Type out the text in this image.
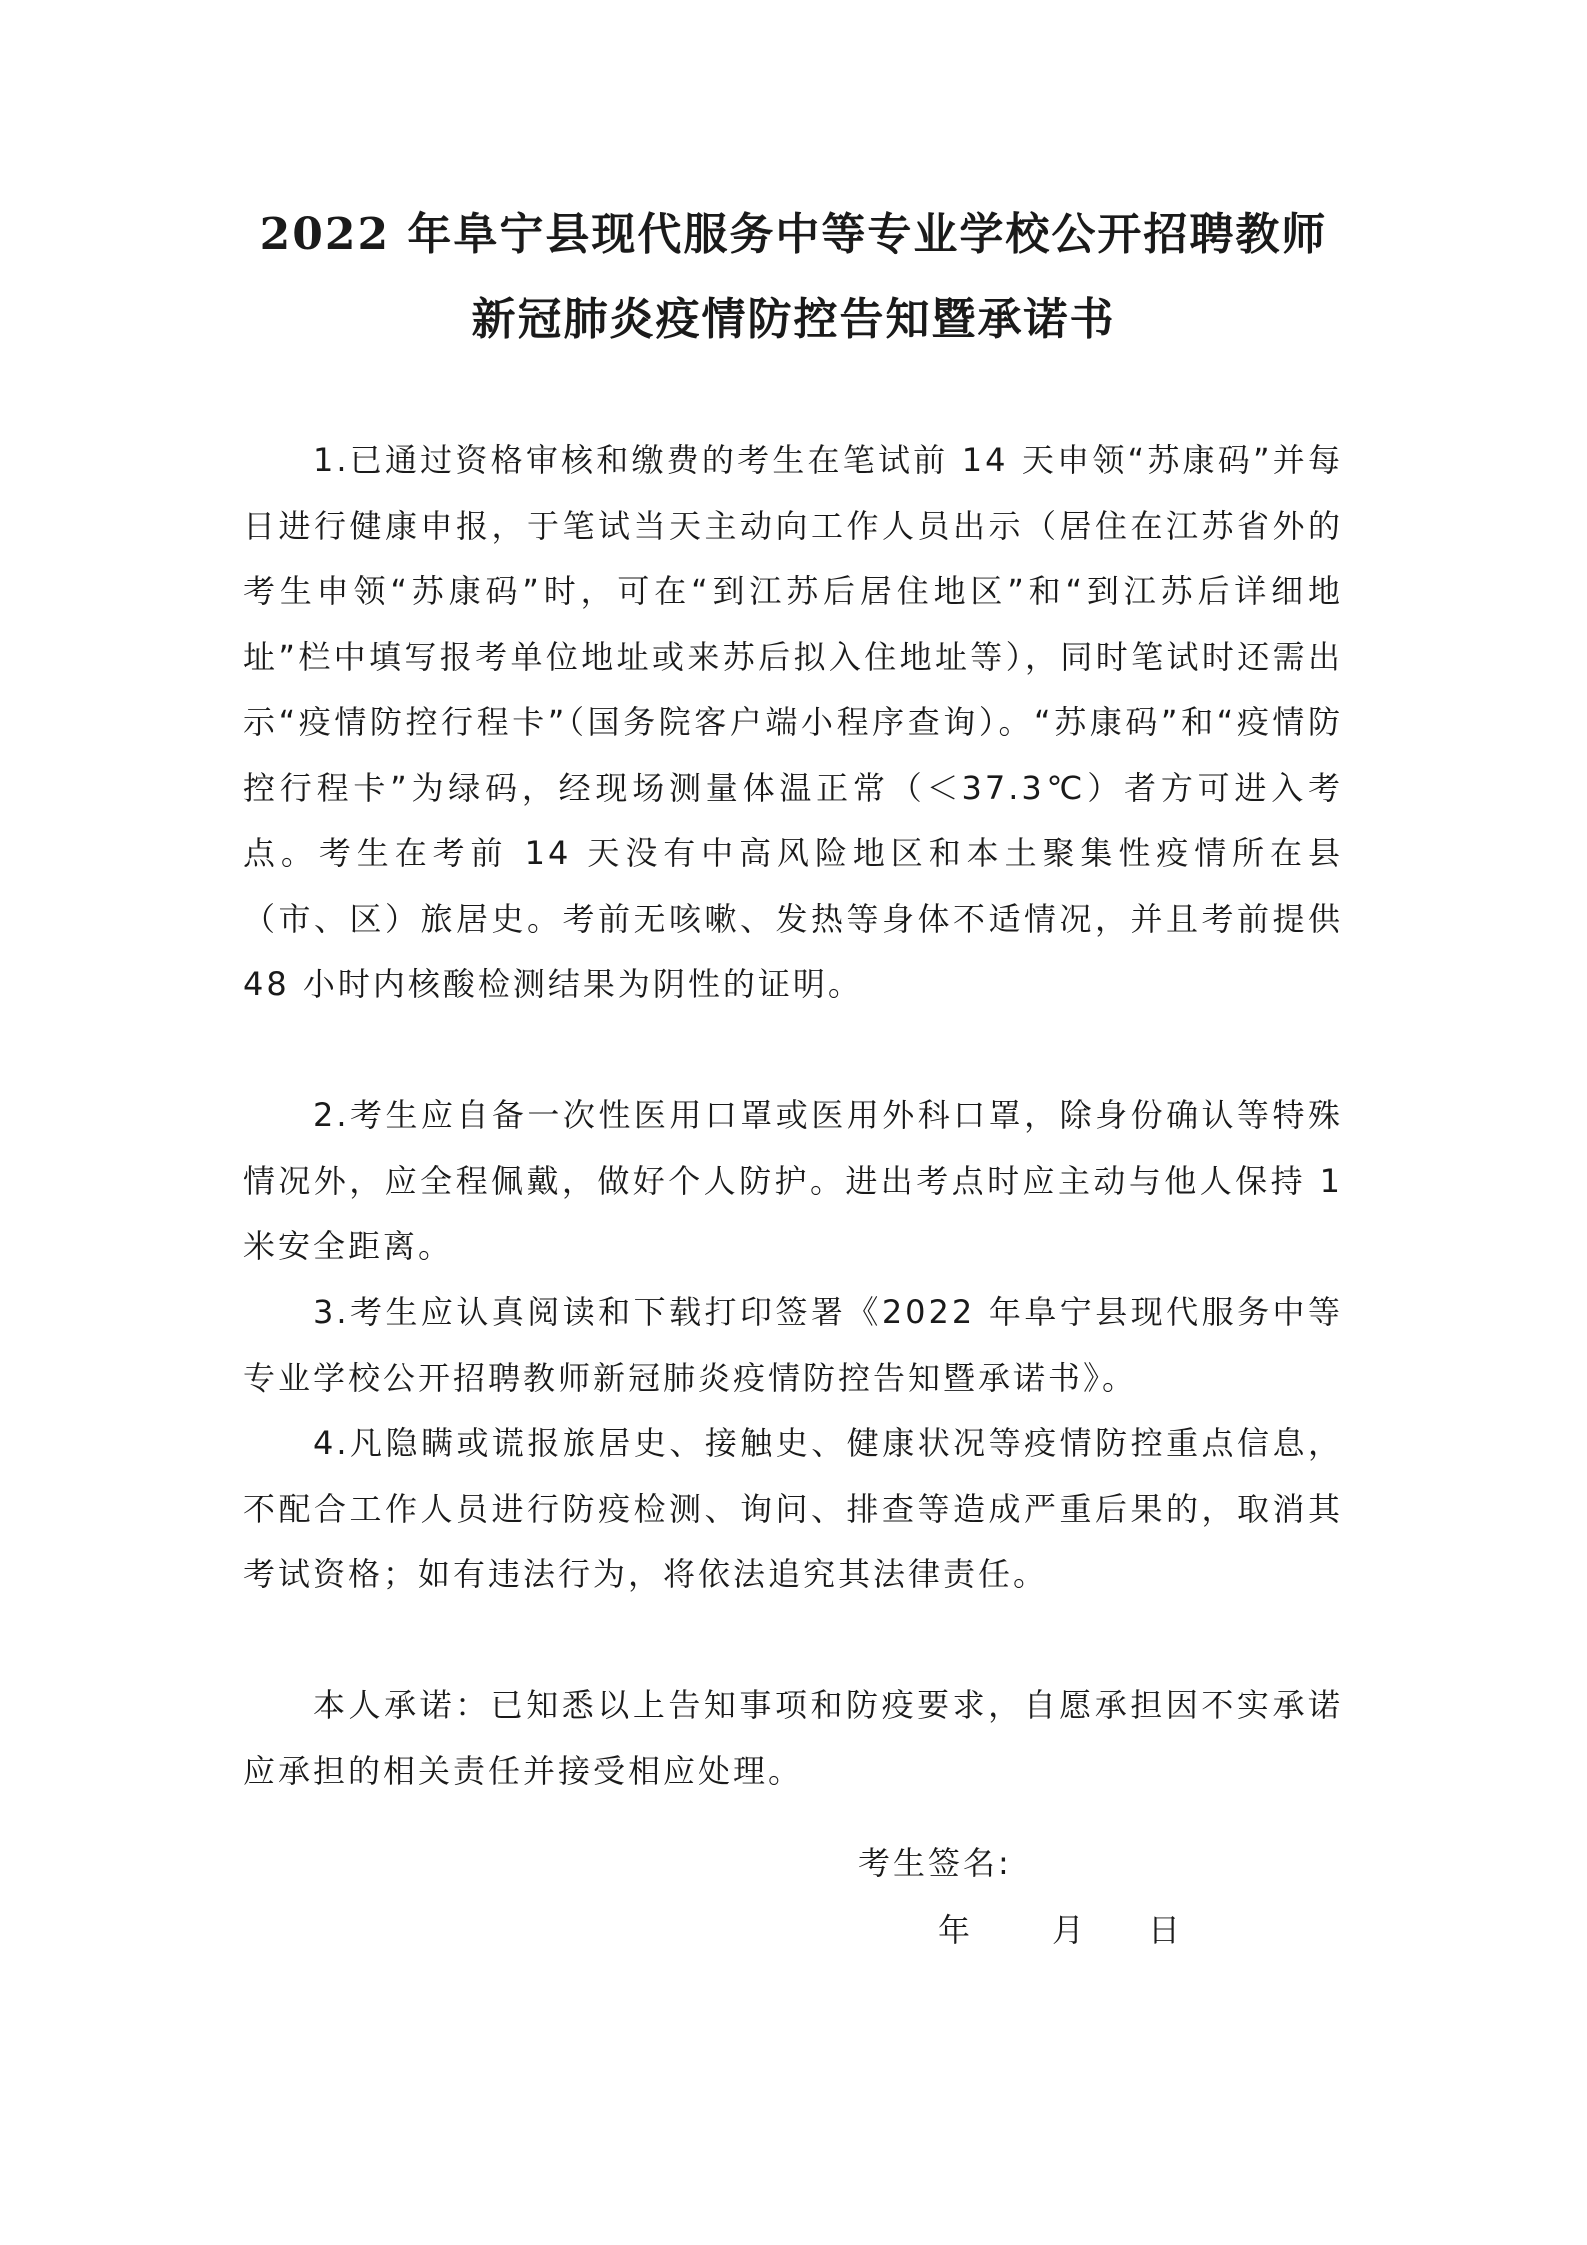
2022 年阜宁县现代服务中等专业学校公开招聘教师
新冠肺炎疫情防控告知暨承诺书

1.已通过资格审核和缴费的考生在笔试前 14 天申领“苏康码”并每日进行健康申报，于笔试当天主动向工作人员出示（居住在江苏省外的考生申领“苏康码”时，可在“到江苏后居住地区”和“到江苏后详细地址”栏中填写报考单位地址或来苏后拟入住地址等），同时笔试时还需出示“疫情防控行程卡”（国务院客户端小程序查询）。“苏康码”和“疫情防控行程卡”为绿码，经现场测量体温正常（＜37.3℃）者方可进入考点。考生在考前 14 天没有中高风险地区和本土聚集性疫情所在县（市、区）旅居史。考前无咳嗽、发热等身体不适情况，并且考前提供 48 小时内核酸检测结果为阴性的证明。

2.考生应自备一次性医用口罩或医用外科口罩，除身份确认等特殊情况外，应全程佩戴，做好个人防护。进出考点时应主动与他人保持 1 米安全距离。

3.考生应认真阅读和下载打印签署《2022 年阜宁县现代服务中等专业学校公开招聘教师新冠肺炎疫情防控告知暨承诺书》。

4.凡隐瞒或谎报旅居史、接触史、健康状况等疫情防控重点信息，不配合工作人员进行防疫检测、询问、排查等造成严重后果的，取消其考试资格；如有违法行为，将依法追究其法律责任。

本人承诺：已知悉以上告知事项和防疫要求，自愿承担因不实承诺应承担的相关责任并接受相应处理。

考生签名:
年	月 日
